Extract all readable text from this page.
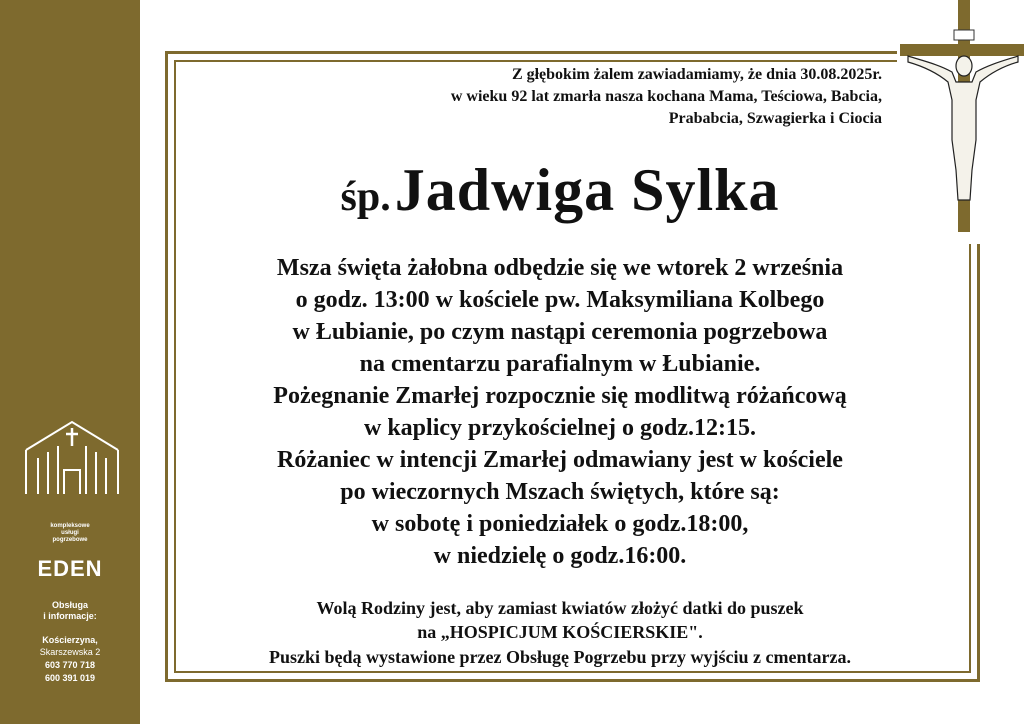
kompleksowe
usługi
pogrzebowe
EDEN
Obsługa
i informacje:
Kościerzyna,
Skarszewska 2
603 770 718
600 391 019
Z głębokim żalem zawiadamiamy, że dnia 30.08.2025r.
w wieku 92 lat zmarła nasza kochana Mama, Teściowa, Babcia,
Prababcia, Szwagierka i Ciocia
śp. Jadwiga Sylka
Msza święta żałobna odbędzie się we wtorek 2 września
o godz. 13:00 w kościele pw. Maksymiliana Kolbego
w Łubianie, po czym nastąpi ceremonia pogrzebowa
na cmentarzu parafialnym w Łubianie.
Pożegnanie Zmarłej rozpocznie się modlitwą różańcową
w kaplicy przykościelnej o godz.12:15.
Różaniec w intencji Zmarłej odmawiany jest w kościele
po wieczornych Mszach świętych, które są:
w sobotę i poniedziałek o godz.18:00,
w niedzielę o godz.16:00.
Wolą Rodziny jest, aby zamiast kwiatów złożyć datki do puszek
na „HOSPICJUM KOŚCIERSKIE".
Puszki będą wystawione przez Obsługę Pogrzebu przy wyjściu z cmentarza.
